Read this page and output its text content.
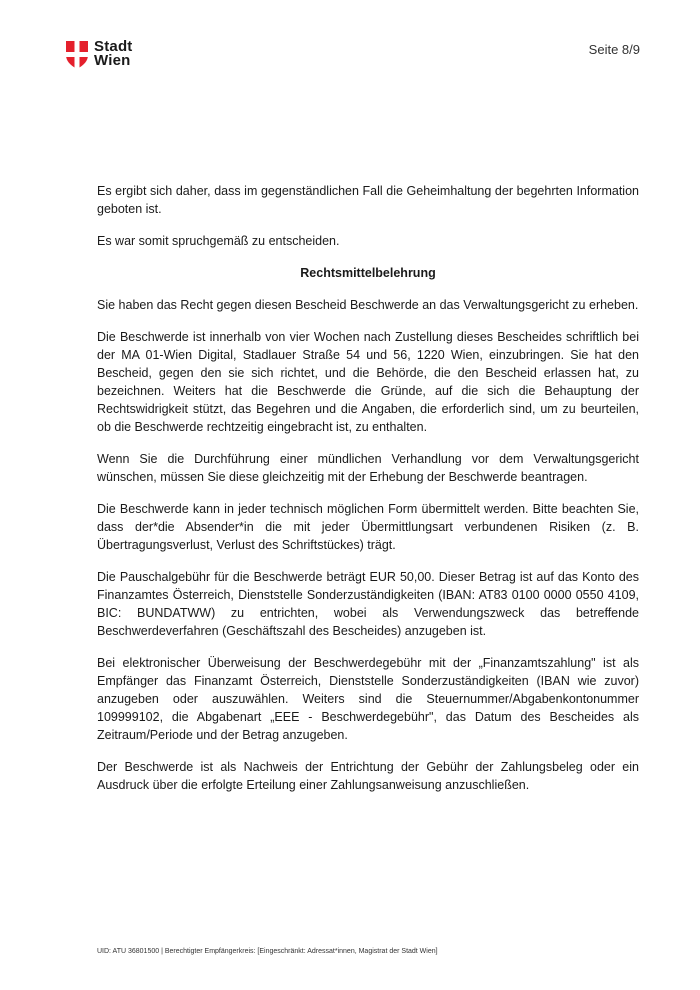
Stadt
Wien
Seite 8/9

Es ergibt sich daher, dass im gegenständlichen Fall die Geheimhaltung der begehrten Information geboten ist.

Es war somit spruchgemäß zu entscheiden.

Rechtsmittelbelehrung

Sie haben das Recht gegen diesen Bescheid Beschwerde an das Verwaltungsgericht zu erheben.

Die Beschwerde ist innerhalb von vier Wochen nach Zustellung dieses Bescheides schriftlich bei der MA 01-Wien Digital, Stadlauer Straße 54 und 56, 1220 Wien, einzubringen. Sie hat den Bescheid, gegen den sie sich richtet, und die Behörde, die den Bescheid erlassen hat, zu bezeichnen. Weiters hat die Beschwerde die Gründe, auf die sich die Behauptung der Rechtswidrigkeit stützt, das Begehren und die Angaben, die erforderlich sind, um zu beurteilen, ob die Beschwerde rechtzeitig eingebracht ist, zu enthalten.

Wenn Sie die Durchführung einer mündlichen Verhandlung vor dem Verwaltungsgericht wünschen, müssen Sie diese gleichzeitig mit der Erhebung der Beschwerde beantragen.

Die Beschwerde kann in jeder technisch möglichen Form übermittelt werden. Bitte beachten Sie, dass der*die Absender*in die mit jeder Übermittlungsart verbundenen Risiken (z. B. Übertragungsverlust, Verlust des Schriftstückes) trägt.

Die Pauschalgebühr für die Beschwerde beträgt EUR 50,00. Dieser Betrag ist auf das Konto des Finanzamtes Österreich, Dienststelle Sonderzuständigkeiten (IBAN: AT83 0100 0000 0550 4109, BIC: BUNDATWW) zu entrichten, wobei als Verwendungszweck das betreffende Beschwerdeverfahren (Geschäftszahl des Bescheides) anzugeben ist.

Bei elektronischer Überweisung der Beschwerdegebühr mit der „Finanzamtszahlung" ist als Empfänger das Finanzamt Österreich, Dienststelle Sonderzuständigkeiten (IBAN wie zuvor) anzugeben oder auszuwählen. Weiters sind die Steuernummer/Abgabenkontonummer 109999102, die Abgabenart „EEE - Beschwerdegebühr", das Datum des Bescheides als Zeitraum/Periode und der Betrag anzugeben.

Der Beschwerde ist als Nachweis der Entrichtung der Gebühr der Zahlungsbeleg oder ein Ausdruck über die erfolgte Erteilung einer Zahlungsanweisung anzuschließen.

UID: ATU 36801500 | Berechtigter Empfängerkreis: [Eingeschränkt: Adressat*innen, Magistrat der Stadt Wien]
